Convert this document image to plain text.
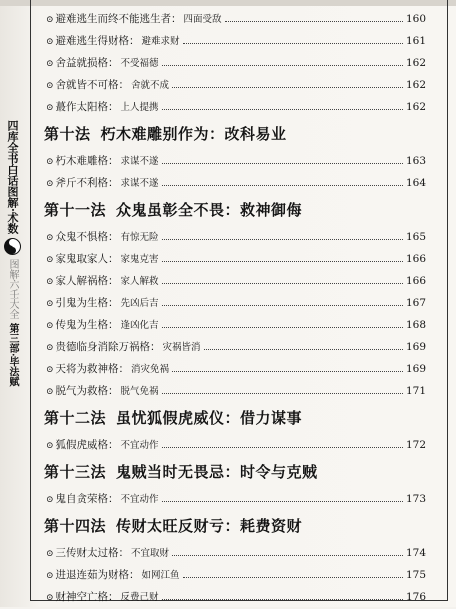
四库全书白话图解·术数
图解六壬大全
第三部·毕法赋
⊙ 避难逃生而终不能逃生者 ： 四面受敌	160
⊙ 避难逃生得财格 ： 避难求财	161
⊙ 舍益就损格 ： 不受福德	162
⊙ 舍就皆不可格 ： 舍就不成	162
⊙ 蕞作太阳格 ： 上人提携	162
第十法 朽木难雕别作为：改科易业
⊙ 朽木难雕格 ： 求谋不遂	163
⊙ 斧斤不利格 ： 求谋不遂	164
第十一法 众鬼虽彰全不畏：救神御侮
⊙ 众鬼不惧格 ： 有惊无险	165
⊙ 家鬼取家人 ： 家鬼克害	166
⊙ 家人解祸格 ： 家人解救	166
⊙ 引鬼为生格 ： 先凶后吉	167
⊙ 传鬼为生格 ： 逢凶化吉	168
⊙ 贵德临身消除万祸格 ： 灾祸皆消	169
⊙ 天将为救神格 ： 消灾免祸	169
⊙ 脱气为救格 ： 脱气免祸	171
第十二法 虽忧狐假虎威仪：借力谋事
⊙ 狐假虎威格 ： 不宜动作	172
第十三法 鬼贼当时无畏忌：时令与克贼
⊙ 鬼自贪荣格 ： 不宜动作	173
第十四法 传财太旺反财亏：耗费资财
⊙ 三传财太过格 ： 不宜取财	174
⊙ 进退连茹为财格 ： 如网江鱼	175
⊙ 财神空亡格 ： 反费己财	176
